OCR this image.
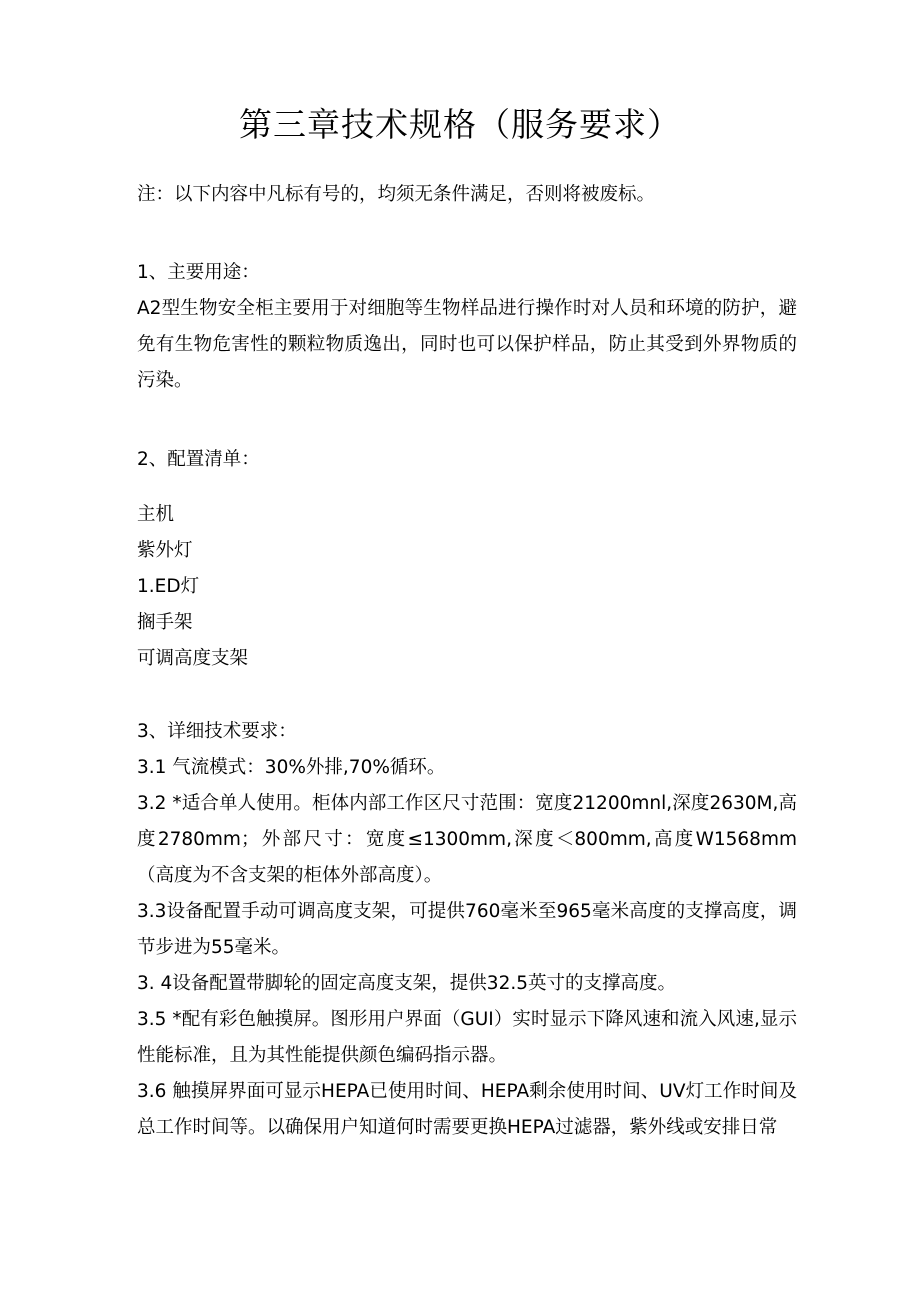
第三章技术规格（服务要求）

注：以下内容中凡标有号的，均须无条件满足，否则将被废标。

1、主要用途：

A2型生物安全柜主要用于对细胞等生物样品进行操作时对人员和环境的防护，避免有生物危害性的颗粒物质逸出，同时也可以保护样品，防止其受到外界物质的污染。

2、配置清单：

主机

紫外灯

1.ED灯

搁手架

可调高度支架

3、详细技术要求：

3.1 气流模式：30%外排,70%循环。

3.2 *适合单人使用。柜体内部工作区尺寸范围：宽度21200mnl,深度2630M,高度2780mm；外部尺寸：宽度≤1300mm,深度＜800mm,高度W1568mm（高度为不含支架的柜体外部高度）。

3.3设备配置手动可调高度支架，可提供760毫米至965毫米高度的支撑高度，调节步进为55毫米。

3. 4设备配置带脚轮的固定高度支架，提供32.5英寸的支撑高度。

3.5 *配有彩色触摸屏。图形用户界面（GUI）实时显示下降风速和流入风速,显示性能标准，且为其性能提供颜色编码指示器。

3.6 触摸屏界面可显示HEPA已使用时间、HEPA剩余使用时间、UV灯工作时间及总工作时间等。以确保用户知道何时需要更换HEPA过滤器，紫外线或安排日常
